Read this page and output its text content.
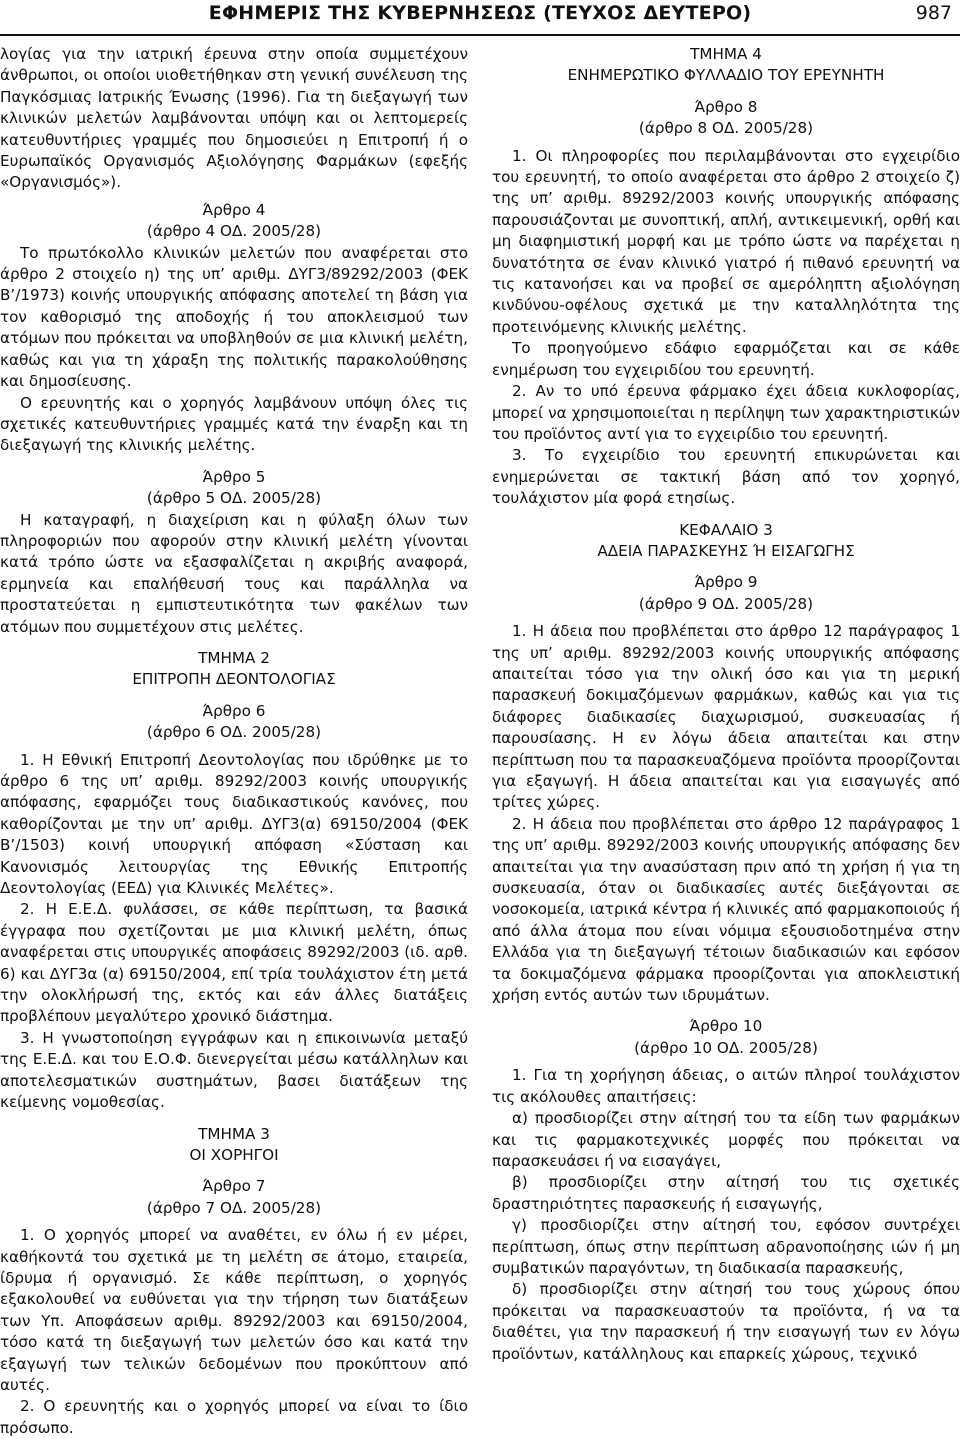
ΕΦΗΜΕΡΙΣ ΤΗΣ ΚΥΒΕΡΝΗΣΕΩΣ (ΤΕΥΧΟΣ ΔΕΥΤΕΡΟ)	987

λογίας για την ιατρική έρευνα στην οποία συμμετέχουν άνθρωποι, οι οποίοι υιοθετήθηκαν στη γενική συνέλευση της Παγκόσμιας Ιατρικής Ένωσης (1996). Για τη διεξαγωγή των κλινικών μελετών λαμβάνονται υπόψη και οι λεπτομερείς κατευθυντήριες γραμμές που δημοσιεύει η Επιτροπή ή ο Ευρωπαϊκός Οργανισμός Αξιολόγησης Φαρμάκων (εφεξής «Οργανισμός»).

Άρθρο 4

(άρθρο 4 ΟΔ. 2005/28)

Το πρωτόκολλο κλινικών μελετών που αναφέρεται στο άρθρο 2 στοιχείο η) της υπ’ αριθμ. ΔΥΓ3/89292/2003 (ΦΕΚ Β’/1973) κοινής υπουργικής απόφασης αποτελεί τη βάση για τον καθορισμό της αποδοχής ή του αποκλεισμού των ατόμων που πρόκειται να υποβληθούν σε μια κλινική μελέτη, καθώς και για τη χάραξη της πολιτικής παρακολούθησης και δημοσίευσης.

Ο ερευνητής και ο χορηγός λαμβάνουν υπόψη όλες τις σχετικές κατευθυντήριες γραμμές κατά την έναρξη και τη διεξαγωγή της κλινικής μελέτης.

Άρθρο 5

(άρθρο 5 ΟΔ. 2005/28)

Η καταγραφή, η διαχείριση και η φύλαξη όλων των πληροφοριών που αφορούν στην κλινική μελέτη γίνονται κατά τρόπο ώστε να εξασφαλίζεται η ακριβής αναφορά, ερμηνεία και επαλήθευσή τους και παράλληλα να προστατεύεται η εμπιστευτικότητα των φακέλων των ατόμων που συμμετέχουν στις μελέτες.

ΤΜΗΜΑ 2

ΕΠΙΤΡΟΠΗ ΔΕΟΝΤΟΛΟΓΙΑΣ

Άρθρο 6

(άρθρο 6 ΟΔ. 2005/28)

1. Η Εθνική Επιτροπή Δεοντολογίας που ιδρύθηκε με το άρθρο 6 της υπ’ αριθμ. 89292/2003 κοινής υπουργικής απόφασης, εφαρμόζει τους διαδικαστικούς κανόνες, που καθορίζονται με την υπ’ αριθμ. ΔΥΓ3(α) 69150/2004 (ΦΕΚ Β’/1503) κοινή υπουργική απόφαση «Σύσταση και Κανονισμός λειτουργίας της Εθνικής Επιτροπής Δεοντολογίας (ΕΕΔ) για Κλινικές Μελέτες».

2. Η Ε.Ε.Δ. φυλάσσει, σε κάθε περίπτωση, τα βασικά έγγραφα που σχετίζονται με μια κλινική μελέτη, όπως αναφέρεται στις υπουργικές αποφάσεις 89292/2003 (ιδ. αρθ. 6) και ΔΥΓ3α (α) 69150/2004, επί τρία τουλάχιστον έτη μετά την ολοκλήρωσή της, εκτός και εάν άλλες διατάξεις προβλέπουν μεγαλύτερο χρονικό διάστημα.

3. Η γνωστοποίηση εγγράφων και η επικοινωνία μεταξύ της Ε.Ε.Δ. και του Ε.Ο.Φ. διενεργείται μέσω κατάλληλων και αποτελεσματικών συστημάτων, βασει διατάξεων της κείμενης νομοθεσίας.

ΤΜΗΜΑ 3

ΟΙ ΧΟΡΗΓΟΙ

Άρθρο 7

(άρθρο 7 ΟΔ. 2005/28)

1. Ο χορηγός μπορεί να αναθέτει, εν όλω ή εν μέρει, καθήκοντά του σχετικά με τη μελέτη σε άτομο, εταιρεία, ίδρυμα ή οργανισμό. Σε κάθε περίπτωση, ο χορηγός εξακολουθεί να ευθύνεται για την τήρηση των διατάξεων των Υπ. Αποφάσεων αριθμ. 89292/2003 και 69150/2004, τόσο κατά τη διεξαγωγή των μελετών όσο και κατά την εξαγωγή των τελικών δεδομένων που προκύπτουν από αυτές.

2. Ο ερευνητής και ο χορηγός μπορεί να είναι το ίδιο πρόσωπο.

ΤΜΗΜΑ 4

ΕΝΗΜΕΡΩΤΙΚΟ ΦΥΛΛΑΔΙΟ ΤΟΥ ΕΡΕΥΝΗΤΗ

Άρθρο 8

(άρθρο 8 ΟΔ. 2005/28)

1. Οι πληροφορίες που περιλαμβάνονται στο εγχειρίδιο του ερευνητή, το οποίο αναφέρεται στο άρθρο 2 στοιχείο ζ) της υπ’ αριθμ. 89292/2003 κοινής υπουργικής απόφασης παρουσιάζονται με συνοπτική, απλή, αντικειμενική, ορθή και μη διαφημιστική μορφή και με τρόπο ώστε να παρέχεται η δυνατότητα σε έναν κλινικό γιατρό ή πιθανό ερευνητή να τις κατανοήσει και να προβεί σε αμερόληπτη αξιολόγηση κινδύνου-οφέλους σχετικά με την καταλληλότητα της προτεινόμενης κλινικής μελέτης.

Το προηγούμενο εδάφιο εφαρμόζεται και σε κάθε ενημέρωση του εγχειριδίου του ερευνητή.

2. Αν το υπό έρευνα φάρμακο έχει άδεια κυκλοφορίας, μπορεί να χρησιμοποιείται η περίληψη των χαρακτηριστικών του προϊόντος αντί για το εγχειρίδιο του ερευνητή.

3. Το εγχειρίδιο του ερευνητή επικυρώνεται και ενημερώνεται σε τακτική βάση από τον χορηγό, τουλάχιστον μία φορά ετησίως.

ΚΕΦΑΛΑΙΟ 3

ΑΔΕΙΑ ΠΑΡΑΣΚΕΥΗΣ Ή ΕΙΣΑΓΩΓΗΣ

Άρθρο 9

(άρθρο 9 ΟΔ. 2005/28)

1. Η άδεια που προβλέπεται στο άρθρο 12 παράγραφος 1 της υπ’ αριθμ. 89292/2003 κοινής υπουργικής απόφασης απαιτείται τόσο για την ολική όσο και για τη μερική παρασκευή δοκιμαζόμενων φαρμάκων, καθώς και για τις διάφορες διαδικασίες διαχωρισμού, συσκευασίας ή παρουσίασης. Η εν λόγω άδεια απαιτείται και στην περίπτωση που τα παρασκευαζόμενα προϊόντα προορίζονται για εξαγωγή. Η άδεια απαιτείται και για εισαγωγές από τρίτες χώρες.

2. Η άδεια που προβλέπεται στο άρθρο 12 παράγραφος 1 της υπ’ αριθμ. 89292/2003 κοινής υπουργικής απόφασης δεν απαιτείται για την ανασύσταση πριν από τη χρήση ή για τη συσκευασία, όταν οι διαδικασίες αυτές διεξάγονται σε νοσοκομεία, ιατρικά κέντρα ή κλινικές από φαρμακοποιούς ή από άλλα άτομα που είναι νόμιμα εξουσιοδοτημένα στην Ελλάδα για τη διεξαγωγή τέτοιων διαδικασιών και εφόσον τα δοκιμαζόμενα φάρμακα προορίζονται για αποκλειστική χρήση εντός αυτών των ιδρυμάτων.

Άρθρο 10

(άρθρο 10 ΟΔ. 2005/28)

1. Για τη χορήγηση άδειας, ο αιτών πληροί τουλάχιστον τις ακόλουθες απαιτήσεις:

α) προσδιορίζει στην αίτησή του τα είδη των φαρμάκων και τις φαρμακοτεχνικές μορφές που πρόκειται να παρασκευάσει ή να εισαγάγει,

β) προσδιορίζει στην αίτησή του τις σχετικές δραστηριότητες παρασκευής ή εισαγωγής,

γ) προσδιορίζει στην αίτησή του, εφόσον συντρέχει περίπτωση, όπως στην περίπτωση αδρανοποίησης ιών ή μη συμβατικών παραγόντων, τη διαδικασία παρασκευής,

δ) προσδιορίζει στην αίτησή του τους χώρους όπου πρόκειται να παρασκευαστούν τα προϊόντα, ή να τα διαθέτει, για την παρασκευή ή την εισαγωγή των εν λόγω προϊόντων, κατάλληλους και επαρκείς χώρους, τεχνικό
